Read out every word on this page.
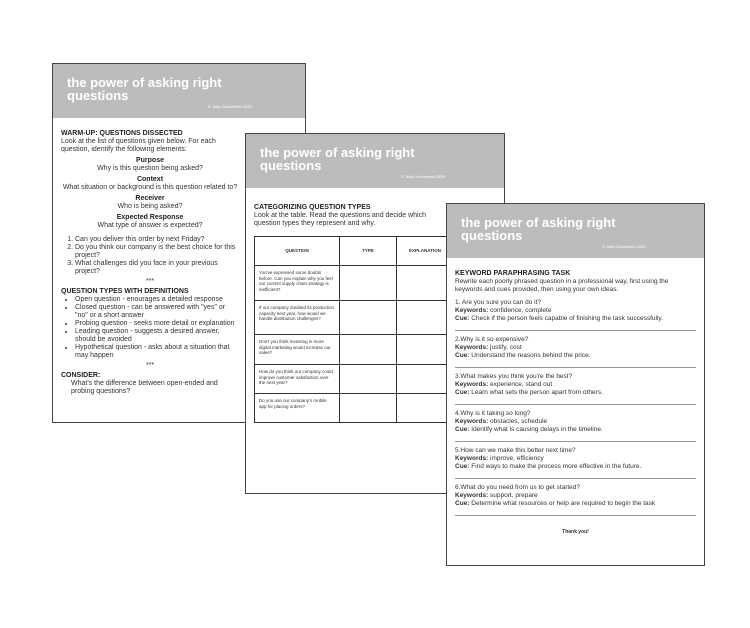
the power of asking right questions
© Julia Ochsenfeld 2025
WARM-UP: QUESTIONS DISSECTED
Look at the list of questions given below. For each question, identify the following elements:
Purpose
Why is this question being asked?
Context
What situation or background is this question related to?
Receiver
Who is being asked?
Expected Response
What type of answer is expected?
1. Can you deliver this order by next Friday?
2. Do you think our company is the best choice for this project?
3. What challenges did you face in your previous project?
***
QUESTION TYPES WITH DEFINITIONS
• Open question - enourages a detailed response
• Closed question - can be answered with "yes" or "no" or a short answer
• Probing question - seeks more detail or explanation
• Leading question - suggests a desired answer, should be avoided
• Hypothetical question - asks about a situation that may happen
***
CONSIDER:
What's the difference between open-ended and probing questions?
the power of asking right questions
© Julia Ochsenfeld 2025
CATEGORIZING QUESTION TYPES
Look at the table. Read the questions and decide which question types they represent and why.
QUESTION	TYPE	EXPLANATION
You've expressed some doubts before. Can you explain why you feel our current supply chain strategy is inefficient?		
If our company doubled its production capacity next year, how would we handle distribution challenges?		
Don't you think investing in more digital marketing would increase our sales?		
How do you think our company could improve customer satisfaction over the next year?		
Do you use our company's mobile app for placing orders?		
the power of asking right questions
© Julia Ochsenfeld 2025
KEYWORD PARAPHRASING TASK
Rewrite each poorly phrased question in a professional way, first using the keywords and cues provided, then using your own ideas.
1. Are you sure you can do it?
Keywords: confidence, complete
Cue: Check if the person feels capable of finishing the task successfully.
2.Why is it so expensive?
Keywords: justify, cost
Cue: Understand the reasons behind the price.
3.What makes you think you're the best?
Keywords: experience, stand out
Cue: Learn what sets the person apart from others.
4.Why is it taking so long?
Keywords: obstacles, schedule
Cue: Identify what is causing delays in the timeline.
5.How can we make this better next time?
Keywords: improve, efficiency
Cue: Find ways to make the process more effective in the future.
6.What do you need from us to get started?
Keywords: support, prepare
Cue: Determine what resources or help are required to begin the task
Thank you!
